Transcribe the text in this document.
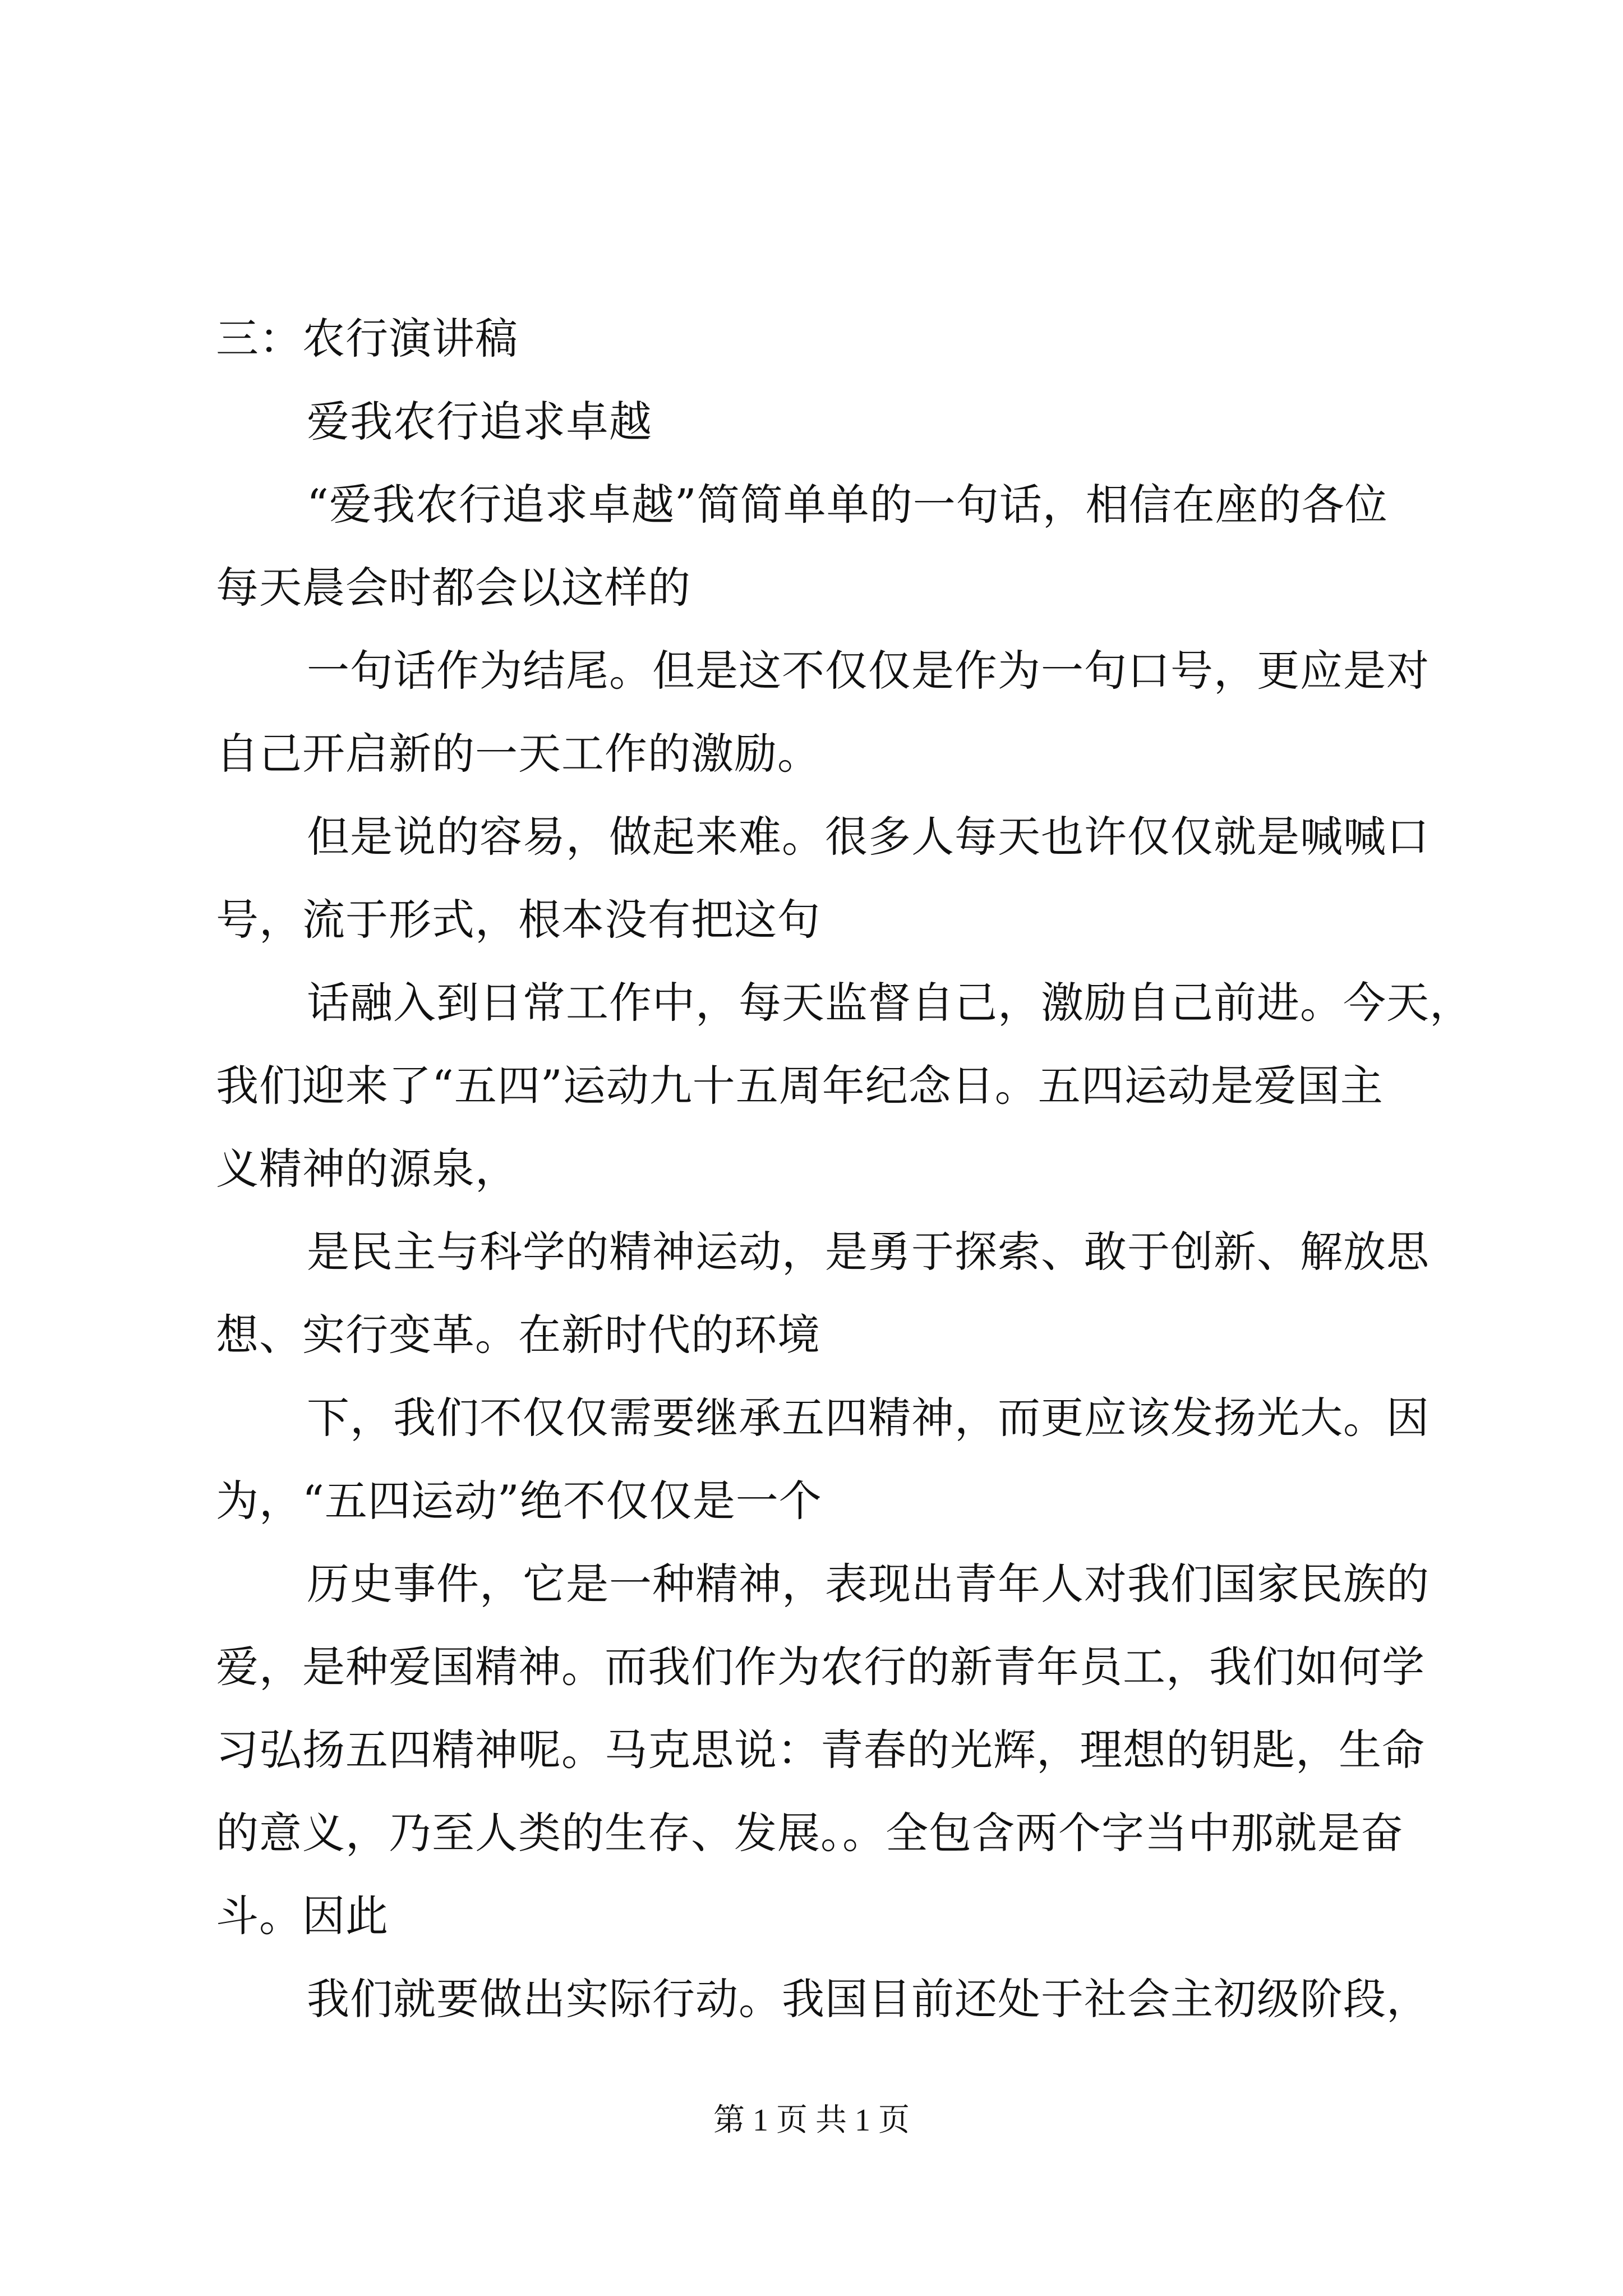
三：农行演讲稿
爱我农行追求卓越
“爱我农行追求卓越”简简单单的一句话，相信在座的各位
每天晨会时都会以这样的
一句话作为结尾。但是这不仅仅是作为一句口号，更应是对
自己开启新的一天工作的激励。
但是说的容易，做起来难。很多人每天也许仅仅就是喊喊口
号，流于形式，根本没有把这句
话融入到日常工作中，每天监督自己，激励自己前进。今天，
我们迎来了“五四”运动九十五周年纪念日。五四运动是爱国主
义精神的源泉，
是民主与科学的精神运动，是勇于探索、敢于创新、解放思
想、实行变革。在新时代的环境
下，我们不仅仅需要继承五四精神，而更应该发扬光大。因
为，“五四运动”绝不仅仅是一个
历史事件，它是一种精神，表现出青年人对我们国家民族的
爱，是种爱国精神。而我们作为农行的新青年员工，我们如何学
习弘扬五四精神呢。马克思说：青春的光辉，理想的钥匙，生命
的意义，乃至人类的生存、发展。。全包含两个字当中那就是奋
斗。因此
我们就要做出实际行动。我国目前还处于社会主初级阶段，
第 1 页 共 1 页
